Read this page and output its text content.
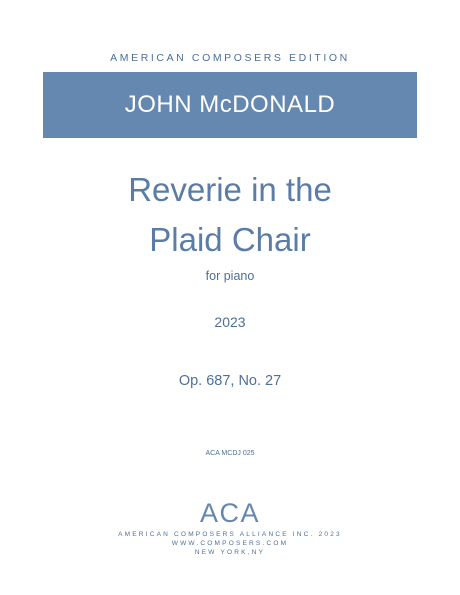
AMERICAN COMPOSERS EDITION
JOHN McDONALD
Reverie in the
Plaid Chair
for piano
2023
Op. 687, No. 27
ACA MCDJ 025
ACA
AMERICAN COMPOSERS ALLIANCE INC. 2023
WWW.COMPOSERS.COM
NEW YORK,NY
